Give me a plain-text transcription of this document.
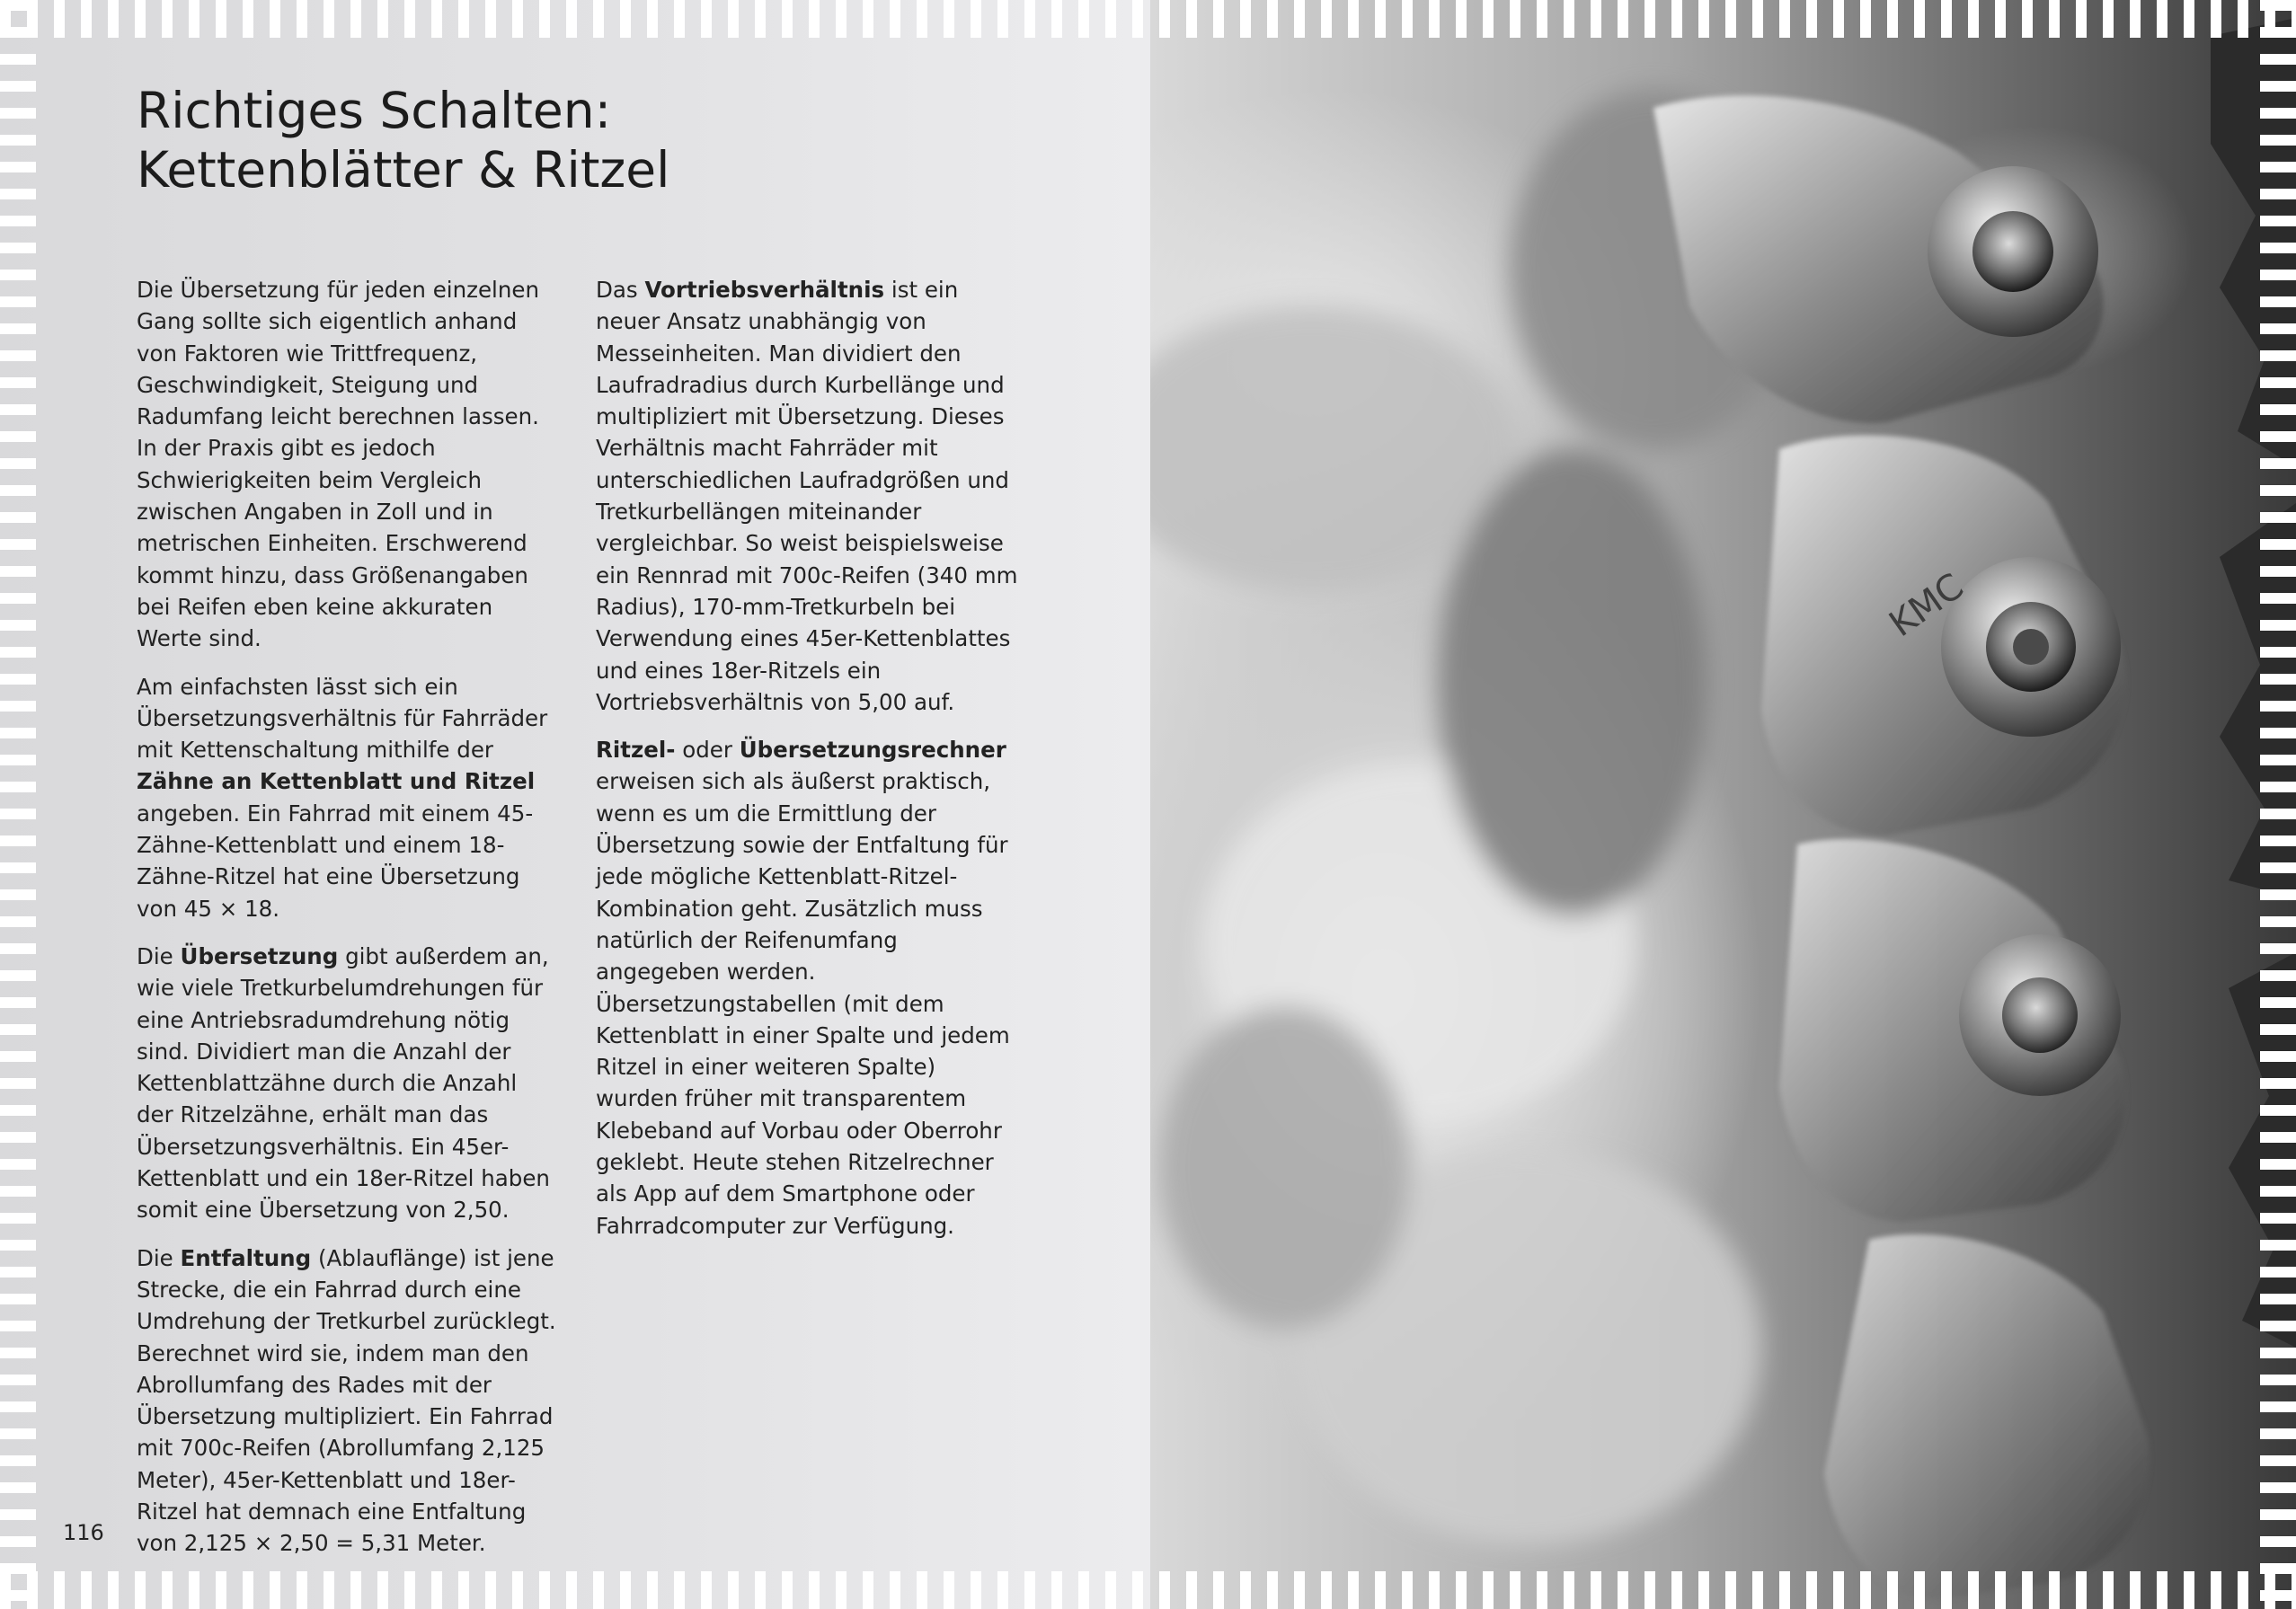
KMC
Richtiges Schalten:
Kettenblätter & Ritzel

Die Übersetzung für jeden einzelnen Gang sollte sich eigentlich anhand von Faktoren wie Trittfrequenz, Geschwindigkeit, Steigung und Radumfang leicht berechnen lassen. In der Praxis gibt es jedoch Schwierigkeiten beim Vergleich zwischen Angaben in Zoll und in metrischen Einheiten. Erschwerend kommt hinzu, dass Größenangaben bei Reifen eben keine akkuraten Werte sind.

Am einfachsten lässt sich ein Übersetzungsverhältnis für Fahrräder mit Kettenschaltung mithilfe der Zähne an Kettenblatt und Ritzel angeben. Ein Fahrrad mit einem 45-Zähne-Kettenblatt und einem 18-Zähne-Ritzel hat eine Übersetzung von 45 × 18.

Die Übersetzung gibt außerdem an, wie viele Tretkurbelumdrehungen für eine Antriebsradumdrehung nötig sind. Dividiert man die Anzahl der Kettenblattzähne durch die Anzahl der Ritzelzähne, erhält man das Übersetzungsverhältnis. Ein 45er-Kettenblatt und ein 18er-Ritzel haben somit eine Übersetzung von 2,50.

Die Entfaltung (Ablauflänge) ist jene Strecke, die ein Fahrrad durch eine Umdrehung der Tretkurbel zurücklegt. Berechnet wird sie, indem man den Abrollumfang des Rades mit der Übersetzung multipliziert. Ein Fahrrad mit 700c-Reifen (Abrollumfang 2,125 Meter), 45er-Kettenblatt und 18er-Ritzel hat demnach eine Entfaltung von 2,125 × 2,50 = 5,31 Meter.

Das Vortriebsverhältnis ist ein neuer Ansatz unabhängig von Messeinheiten. Man dividiert den Laufradradius durch Kurbellänge und multipliziert mit Übersetzung. Dieses Verhältnis macht Fahrräder mit unterschiedlichen Laufradgrößen und Tretkurbellängen miteinander vergleichbar. So weist beispielsweise ein Rennrad mit 700c-Reifen (340 mm Radius), 170-mm-Tretkurbeln bei Verwendung eines 45er-Kettenblattes und eines 18er-Ritzels ein Vortriebsverhältnis von 5,00 auf.

Ritzel- oder Übersetzungsrechner erweisen sich als äußerst praktisch, wenn es um die Ermittlung der Übersetzung sowie der Entfaltung für jede mögliche Kettenblatt-Ritzel-Kombination geht. Zusätzlich muss natürlich der Reifenumfang angegeben werden. Übersetzungstabellen (mit dem Kettenblatt in einer Spalte und jedem Ritzel in einer weiteren Spalte) wurden früher mit transparentem Klebeband auf Vorbau oder Oberrohr geklebt. Heute stehen Ritzelrechner als App auf dem Smartphone oder Fahrradcomputer zur Verfügung.

116
